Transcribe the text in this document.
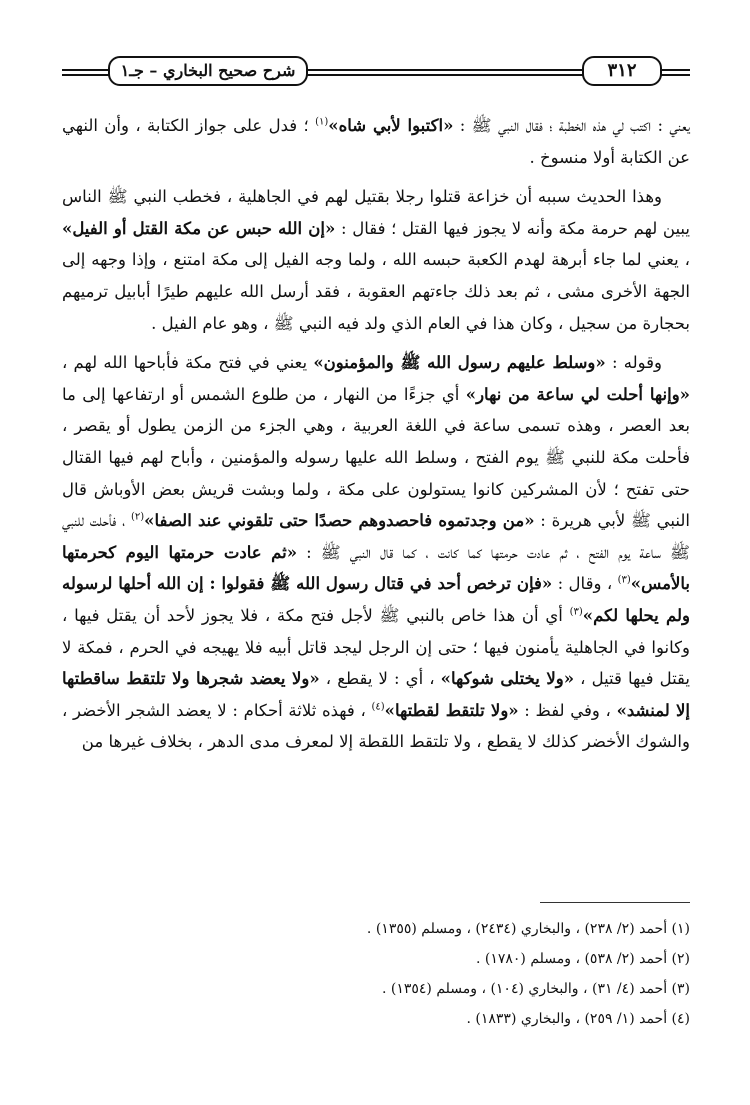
شرح صحيح البخاري – جـ١	٣١٢

يعني : اكتب لي هذه الخطبة ؛ فقال النبي ﷺ : «اكتبوا لأبي شاه»$^{(١)}$ ؛ فدل على جواز الكتابة ، وأن النهي عن الكتابة أولا منسوخ .

وهذا الحديث سببه أن خزاعة قتلوا رجلا بقتيل لهم في الجاهلية ، فخطب النبي ﷺ الناس يبين لهم حرمة مكة وأنه لا يجوز فيها القتل ؛ فقال : «إن الله حبس عن مكة القتل أو الفيل» ، يعني لما جاء أبرهة لهدم الكعبة حبسه الله ، ولما وجه الفيل إلى مكة امتنع ، وإذا وجهه إلى الجهة الأخرى مشى ، ثم بعد ذلك جاءتهم العقوبة ، فقد أرسل الله عليهم طيرًا أبابيل ترميهم بحجارة من سجيل ، وكان هذا في العام الذي ولد فيه النبي ﷺ ، وهو عام الفيل .

وقوله : «وسلط عليهم رسول الله ﷺ والمؤمنون» يعني في فتح مكة فأباحها الله لهم ، «وإنها أحلت لي ساعة من نهار» أي جزءًا من النهار ، من طلوع الشمس أو ارتفاعها إلى ما بعد العصر ، وهذه تسمى ساعة في اللغة العربية ، وهي الجزء من الزمن يطول أو يقصر ، فأحلت مكة للنبي ﷺ يوم الفتح ، وسلط الله عليها رسوله والمؤمنين ، وأباح لهم فيها القتال حتى تفتح ؛ لأن المشركين كانوا يستولون على مكة ، ولما وبشت قريش بعض الأوباش قال النبي ﷺ لأبي هريرة : «من وجدتموه فاحصدوهم حصدًا حتى تلقوني عند الصفا»$^{(٢)}$ ، فأحلت للنبي ﷺ ساعة يوم الفتح ، ثم عادت حرمتها كما كانت ، كما قال النبي ﷺ : «ثم عادت حرمتها اليوم كحرمتها بالأمس»$^{(٣)}$ ، وقال : «فإن ترخص أحد في قتال رسول الله ﷺ فقولوا : إن الله أحلها لرسوله ولم يحلها لكم»$^{(٣)}$ أي أن هذا خاص بالنبي ﷺ لأجل فتح مكة ، فلا يجوز لأحد أن يقتل فيها ، وكانوا في الجاهلية يأمنون فيها ؛ حتى إن الرجل ليجد قاتل أبيه فلا يهيجه في الحرم ، فمكة لا يقتل فيها قتيل ، «ولا يختلى شوكها» ، أي : لا يقطع ، «ولا يعضد شجرها ولا تلتقط ساقطتها إلا لمنشد» ، وفي لفظ : «ولا تلتقط لقطتها»$^{(٤)}$ ، فهذه ثلاثة أحكام : لا يعضد الشجر الأخضر ، والشوك الأخضر كذلك لا يقطع ، ولا تلتقط اللقطة إلا لمعرف مدى الدهر ، بخلاف غيرها من

(١) أحمد (٢/ ٢٣٨) ، والبخاري (٢٤٣٤) ، ومسلم (١٣٥٥) .
(٢) أحمد (٢/ ٥٣٨) ، ومسلم (١٧٨٠) .
(٣) أحمد (٤/ ٣١) ، والبخاري (١٠٤) ، ومسلم (١٣٥٤) .
(٤) أحمد (١/ ٢٥٩) ، والبخاري (١٨٣٣) .
